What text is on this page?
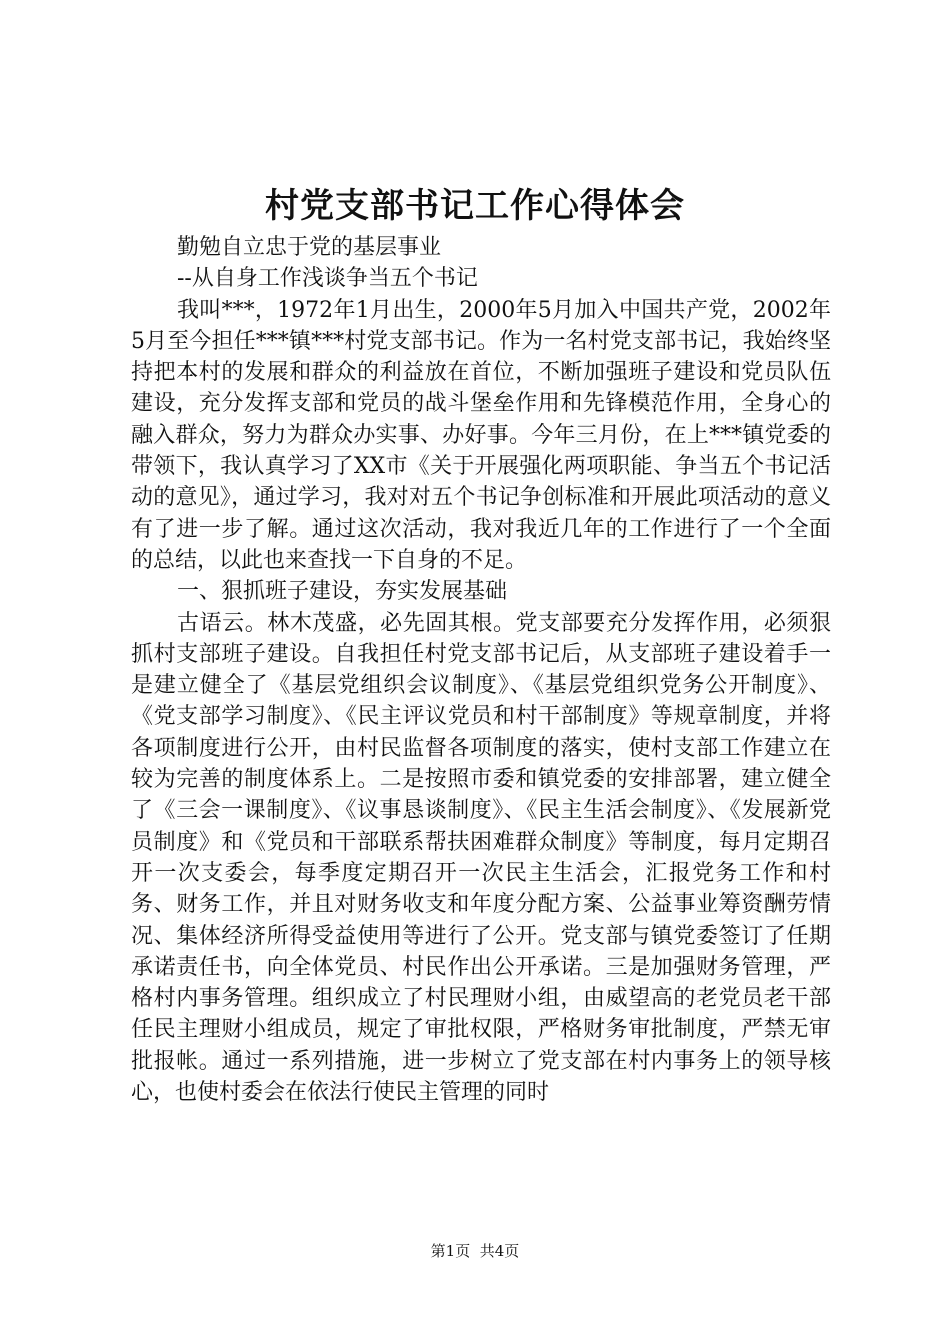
村党支部书记工作心得体会

勤勉自立忠于党的基层事业

--从自身工作浅谈争当五个书记

我叫***，1972年1月出生，2000年5月加入中国共产党，2002年5月至今担任***镇***村党支部书记。作为一名村党支部书记，我始终坚持把本村的发展和群众的利益放在首位，不断加强班子建设和党员队伍建设，充分发挥支部和党员的战斗堡垒作用和先锋模范作用，全身心的融入群众，努力为群众办实事、办好事。今年三月份，在上***镇党委的带领下，我认真学习了XX市《关于开展强化两项职能、争当五个书记活动的意见》，通过学习，我对对五个书记争创标准和开展此项活动的意义有了进一步了解。通过这次活动，我对我近几年的工作进行了一个全面的总结，以此也来查找一下自身的不足。

一、狠抓班子建设，夯实发展基础

古语云。林木茂盛，必先固其根。党支部要充分发挥作用，必须狠抓村支部班子建设。自我担任村党支部书记后，从支部班子建设着手一是建立健全了《基层党组织会议制度》、《基层党组织党务公开制度》、《党支部学习制度》、《民主评议党员和村干部制度》等规章制度，并将各项制度进行公开，由村民监督各项制度的落实，使村支部工作建立在较为完善的制度体系上。二是按照市委和镇党委的安排部署，建立健全了《三会一课制度》、《议事恳谈制度》、《民主生活会制度》、《发展新党员制度》和《党员和干部联系帮扶困难群众制度》等制度，每月定期召开一次支委会，每季度定期召开一次民主生活会，汇报党务工作和村务、财务工作，并且对财务收支和年度分配方案、公益事业筹资酬劳情况、集体经济所得受益使用等进行了公开。党支部与镇党委签订了任期承诺责任书，向全体党员、村民作出公开承诺。三是加强财务管理，严格村内事务管理。组织成立了村民理财小组，由威望高的老党员老干部任民主理财小组成员，规定了审批权限，严格财务审批制度，严禁无审批报帐。通过一系列措施，进一步树立了党支部在村内事务上的领导核心，也使村委会在依法行使民主管理的同时

第1页 共4页
